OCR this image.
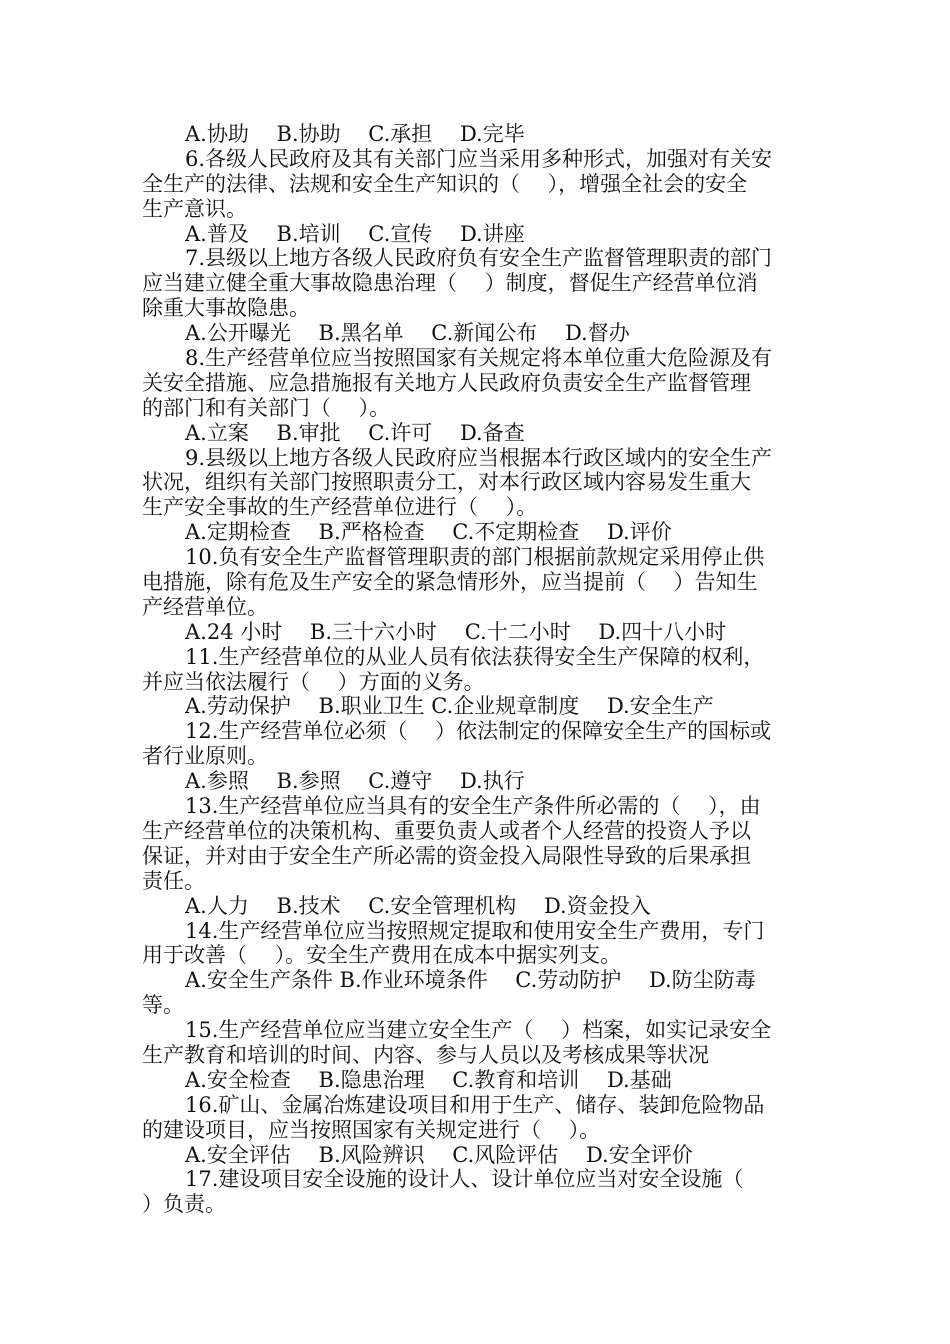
A.协助　 B.协助　 C.承担　 D.完毕
6.各级人民政府及其有关部门应当采用多种形式，加强对有关安
全生产的法律、法规和安全生产知识的（　 ），增强全社会的安全
生产意识。
A.普及　 B.培训　 C.宣传　 D.讲座
7.县级以上地方各级人民政府负有安全生产监督管理职责的部门
应当建立健全重大事故隐患治理（　 ）制度，督促生产经营单位消
除重大事故隐患。
A.公开曝光　 B.黑名单　 C.新闻公布　 D.督办
8.生产经营单位应当按照国家有关规定将本单位重大危险源及有
关安全措施、应急措施报有关地方人民政府负责安全生产监督管理
的部门和有关部门（　 ）。
A.立案　 B.审批　 C.许可　 D.备查
9.县级以上地方各级人民政府应当根据本行政区域内的安全生产
状况，组织有关部门按照职责分工，对本行政区域内容易发生重大
生产安全事故的生产经营单位进行（　 ）。
A.定期检查　 B.严格检查　 C.不定期检查　 D.评价
10.负有安全生产监督管理职责的部门根据前款规定采用停止供
电措施，除有危及生产安全的紧急情形外，应当提前（　 ）告知生
产经营单位。
A.24 小时　 B.三十六小时　 C.十二小时　 D.四十八小时
11.生产经营单位的从业人员有依法获得安全生产保障的权利，
并应当依法履行（　 ）方面的义务。
A.劳动保护　 B.职业卫生 C.企业规章制度　 D.安全生产
12.生产经营单位必须（　 ）依法制定的保障安全生产的国标或
者行业原则。
A.参照　 B.参照　 C.遵守　 D.执行
13.生产经营单位应当具有的安全生产条件所必需的（　 ），由
生产经营单位的决策机构、重要负责人或者个人经营的投资人予以
保证，并对由于安全生产所必需的资金投入局限性导致的后果承担
责任。
A.人力　 B.技术　 C.安全管理机构　 D.资金投入
14.生产经营单位应当按照规定提取和使用安全生产费用，专门
用于改善（　 ）。安全生产费用在成本中据实列支。
A.安全生产条件 B.作业环境条件　 C.劳动防护　 D.防尘防毒
等。
15.生产经营单位应当建立安全生产（　 ）档案，如实记录安全
生产教育和培训的时间、内容、参与人员以及考核成果等状况
A.安全检查　 B.隐患治理　 C.教育和培训　 D.基础
16.矿山、金属冶炼建设项目和用于生产、储存、装卸危险物品
的建设项目，应当按照国家有关规定进行（　 ）。
A.安全评估　 B.风险辨识　 C.风险评估　 D.安全评价
17.建设项目安全设施的设计人、设计单位应当对安全设施（
）负责。
